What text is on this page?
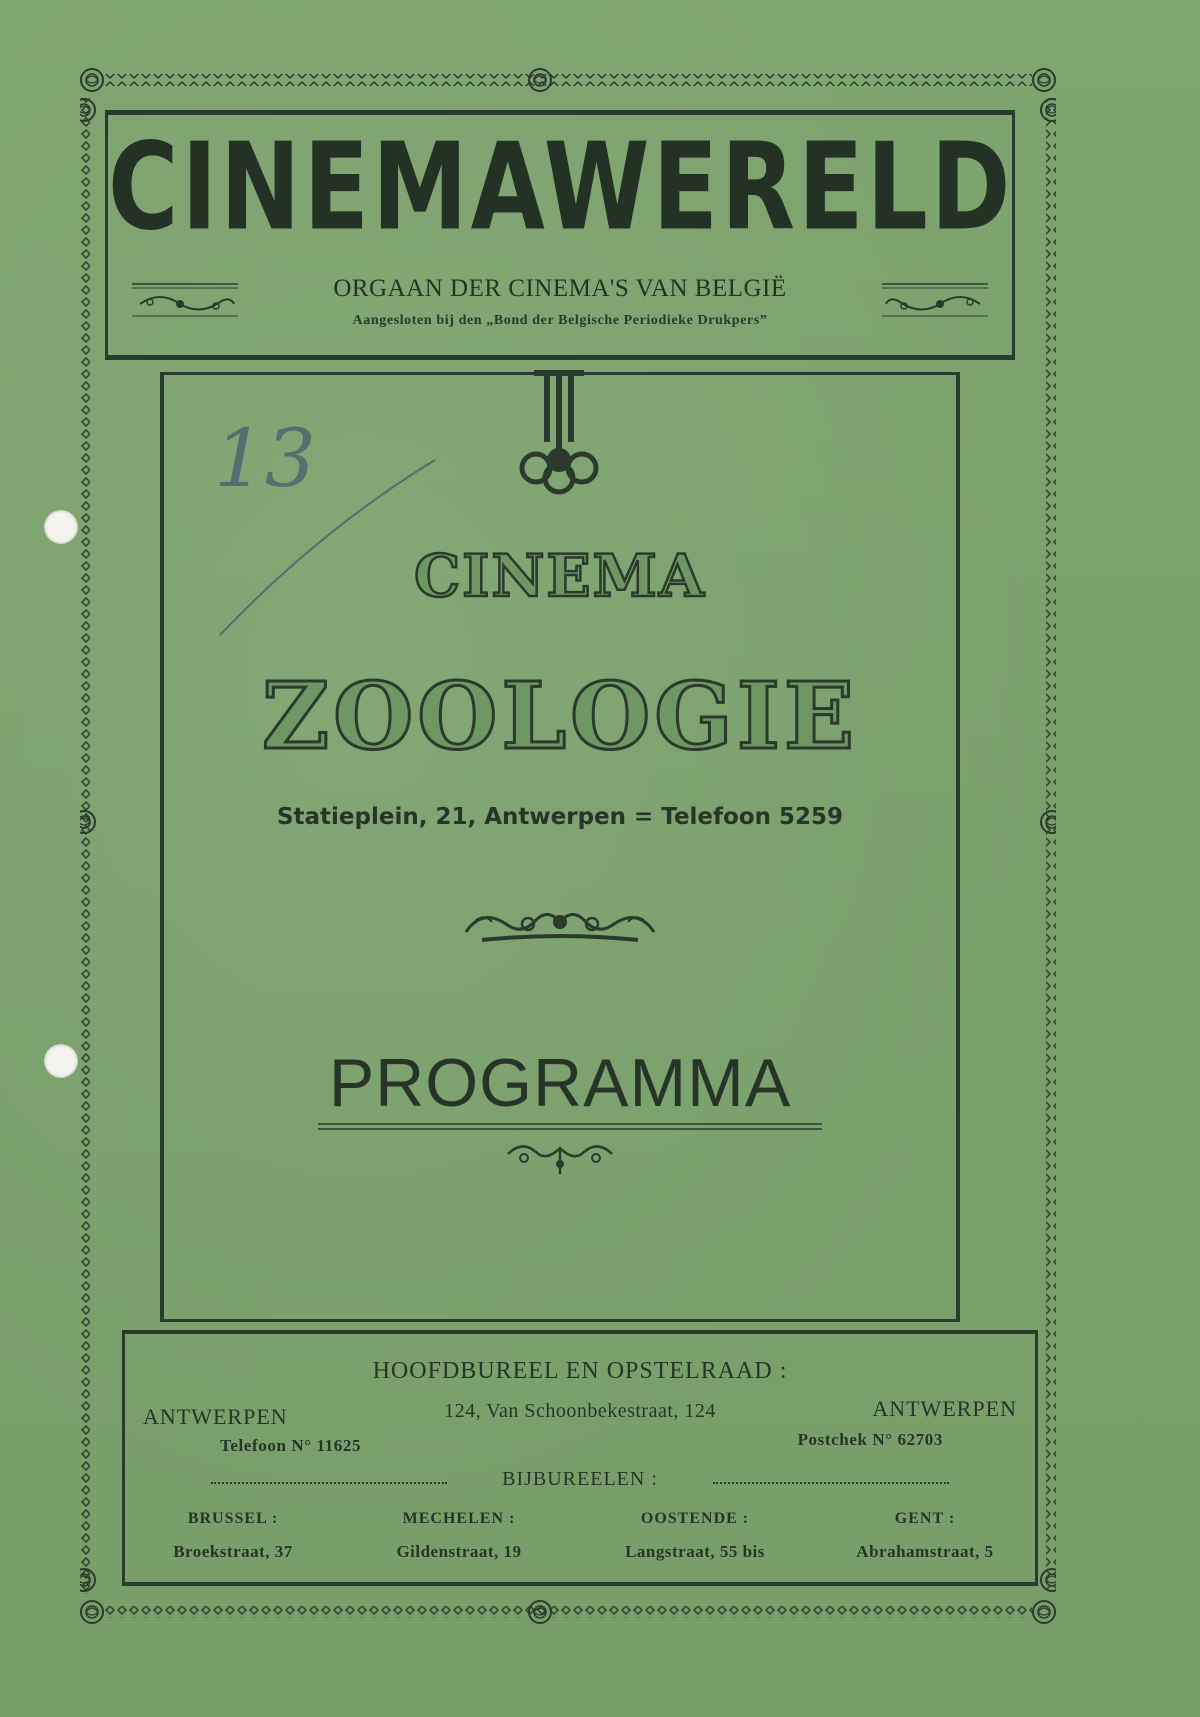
CINEMAWERELD
ORGAAN DER CINEMA'S VAN BELGIË
Aangesloten bij den „Bond der Belgische Periodieke Drukpers”
13
CINEMA
ZOOLOGIE
Statieplein, 21, Antwerpen = Telefoon 5259
PROGRAMMA
HOOFDBUREEL EN OPSTELRAAD :
ANTWERPEN	124, Van Schoonbekestraat, 124	ANTWERPEN
Telefoon N° 11625	Postchek N° 62703
BIJBUREELEN :
BRUSSEL :
Broekstraat, 37
MECHELEN :
Gildenstraat, 19
OOSTENDE :
Langstraat, 55 bis
GENT :
Abrahamstraat, 5
